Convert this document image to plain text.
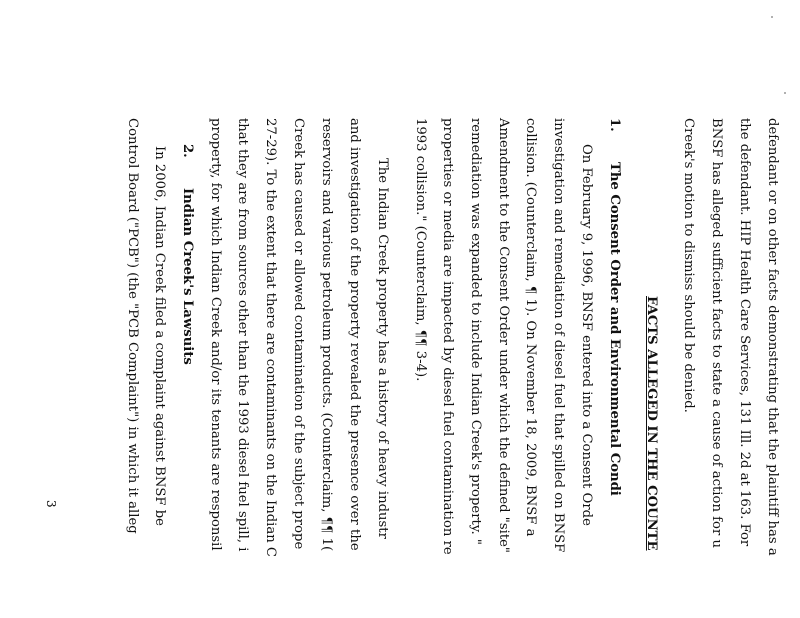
defendant or on other facts demonstrating that the plaintiff has a
the defendant. HIP Health Care Services, 131 Ill. 2d at 163. For
BNSF has alleged sufficient facts to state a cause of action for u
Creek's motion to dismiss should be denied.
FACTS ALLEGED IN THE COUNTE
1.The Consent Order and Environmental Condi
On February 9, 1996, BNSF entered into a Consent Orde
investigation and remediation of diesel fuel that spilled on BNSF
collision. (Counterclaim, ¶ 1). On November 18, 2009, BNSF a
Amendment to the Consent Order under which the defined "site"
remediation was expanded to include Indian Creek's property. "
properties or media are impacted by diesel fuel contamination re
1993 collision." (Counterclaim, ¶¶ 3-4).
The Indian Creek property has a history of heavy industr
and investigation of the property revealed the presence over the
reservoirs and various petroleum products. (Counterclaim, ¶¶ 1(
Creek has caused or allowed contamination of the subject prope
27-29). To the extent that there are contaminants on the Indian C
that they are from sources other than the 1993 diesel fuel spill, i
property, for which Indian Creek and/or its tenants are responsil
2.Indian Creek's Lawsuits
In 2006, Indian Creek filed a complaint against BNSF be
Control Board ("PCB") (the "PCB Complaint") in which it alleg
3
